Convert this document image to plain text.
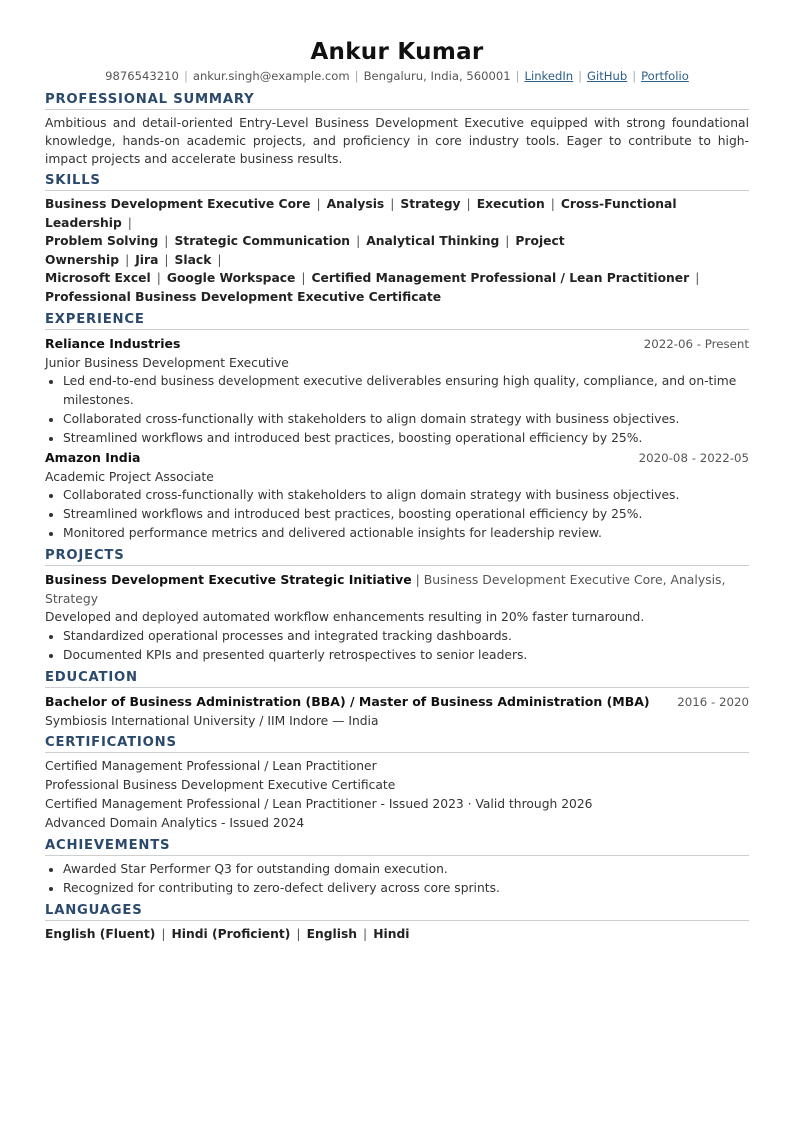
Ankur Kumar
9876543210 | ankur.singh@example.com | Bengaluru, India, 560001 | LinkedIn | GitHub | Portfolio
PROFESSIONAL SUMMARY

Ambitious and detail-oriented Entry-Level Business Development Executive equipped with strong foundational knowledge, hands-on academic projects, and proficiency in core industry tools. Eager to contribute to high-impact projects and accelerate business results.

SKILLS
Business Development Executive Core | Analysis | Strategy | Execution | Cross-Functional Leadership |
Problem Solving | Strategic Communication | Analytical Thinking | Project Ownership | Jira | Slack |
Microsoft Excel | Google Workspace | Certified Management Professional / Lean Practitioner |
Professional Business Development Executive Certificate
EXPERIENCE
Reliance Industries	2022-06 - Present
Junior Business Development Executive
• Led end-to-end business development executive deliverables ensuring high quality, compliance, and on-time milestones.
• Collaborated cross-functionally with stakeholders to align domain strategy with business objectives.
• Streamlined workflows and introduced best practices, boosting operational efficiency by 25%.
Amazon India	2020-08 - 2022-05
Academic Project Associate
• Collaborated cross-functionally with stakeholders to align domain strategy with business objectives.
• Streamlined workflows and introduced best practices, boosting operational efficiency by 25%.
• Monitored performance metrics and delivered actionable insights for leadership review.
PROJECTS
Business Development Executive Strategic Initiative | Business Development Executive Core, Analysis, Strategy
Developed and deployed automated workflow enhancements resulting in 20% faster turnaround.
• Standardized operational processes and integrated tracking dashboards.
• Documented KPIs and presented quarterly retrospectives to senior leaders.
EDUCATION
Bachelor of Business Administration (BBA) / Master of Business Administration (MBA) 2016 - 2020
Symbiosis International University / IIM Indore — India
CERTIFICATIONS
Certified Management Professional / Lean Practitioner
Professional Business Development Executive Certificate
Certified Management Professional / Lean Practitioner - Issued 2023 · Valid through 2026
Advanced Domain Analytics - Issued 2024
ACHIEVEMENTS
• Awarded Star Performer Q3 for outstanding domain execution.
• Recognized for contributing to zero-defect delivery across core sprints.
LANGUAGES
English (Fluent) | Hindi (Proficient) | English | Hindi
